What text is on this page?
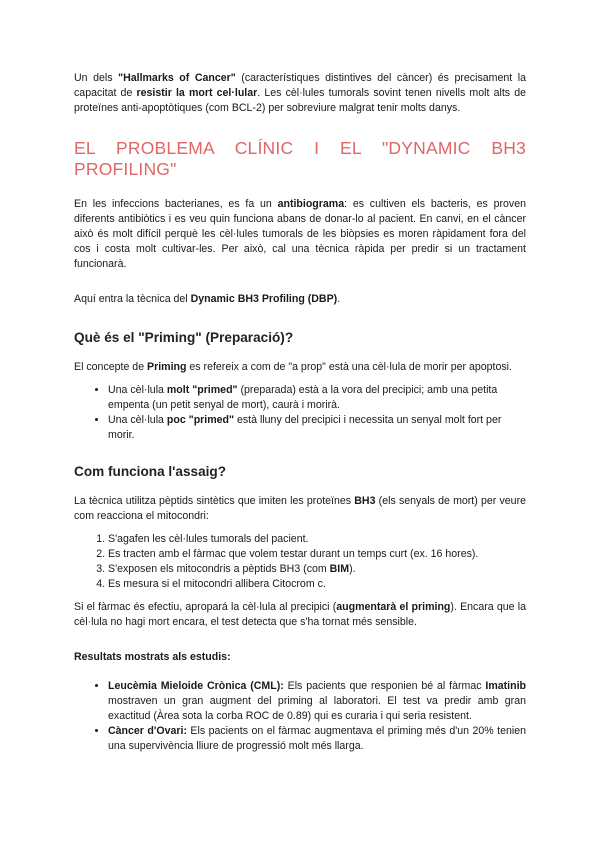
Un dels "Hallmarks of Cancer" (característiques distintives del càncer) és precisament la capacitat de resistir la mort cel·lular. Les cèl·lules tumorals sovint tenen nivells molt alts de proteïnes anti-apoptòtiques (com BCL-2) per sobreviure malgrat tenir molts danys.

EL PROBLEMA CLÍNIC I EL "DYNAMIC BH3 PROFILING"

En les infeccions bacterianes, es fa un antibiograma: es cultiven els bacteris, es proven diferents antibiòtics i es veu quin funciona abans de donar-lo al pacient. En canvi, en el càncer això és molt difícil perquè les cèl·lules tumorals de les biòpsies es moren ràpidament fora del cos i costa molt cultivar-les. Per això, cal una tècnica ràpida per predir si un tractament funcionarà.

Aquí entra la tècnica del Dynamic BH3 Profiling (DBP).

Què és el "Priming" (Preparació)?

El concepte de Priming es refereix a com de "a prop" està una cèl·lula de morir per apoptosi.

• Una cèl·lula molt "primed" (preparada) està a la vora del precipici; amb una petita empenta (un petit senyal de mort), caurà i morirà.
• Una cèl·lula poc "primed" està lluny del precipici i necessita un senyal molt fort per morir.
Com funciona l'assaig?

La tècnica utilitza pèptids sintètics que imiten les proteïnes BH3 (els senyals de mort) per veure com reacciona el mitocondri:

1. S'agafen les cèl·lules tumorals del pacient.
2. Es tracten amb el fàrmac que volem testar durant un temps curt (ex. 16 hores).
3. S'exposen els mitocondris a pèptids BH3 (com BIM).
4. Es mesura si el mitocondri allibera Citocrom c.

Si el fàrmac és efectiu, apropará la cèl·lula al precipici (augmentarà el priming). Encara que la cèl·lula no hagi mort encara, el test detecta que s'ha tornat més sensible.

Resultats mostrats als estudis:
• Leucèmia Mieloide Crònica (CML): Els pacients que responien bé al fàrmac Imatinib mostraven un gran augment del priming al laboratori. El test va predir amb gran exactitud (Àrea sota la corba ROC de 0.89) qui es curaria i qui seria resistent.
• Càncer d'Ovari: Els pacients on el fàrmac augmentava el priming més d'un 20% tenien una supervivència lliure de progressió molt més llarga.
